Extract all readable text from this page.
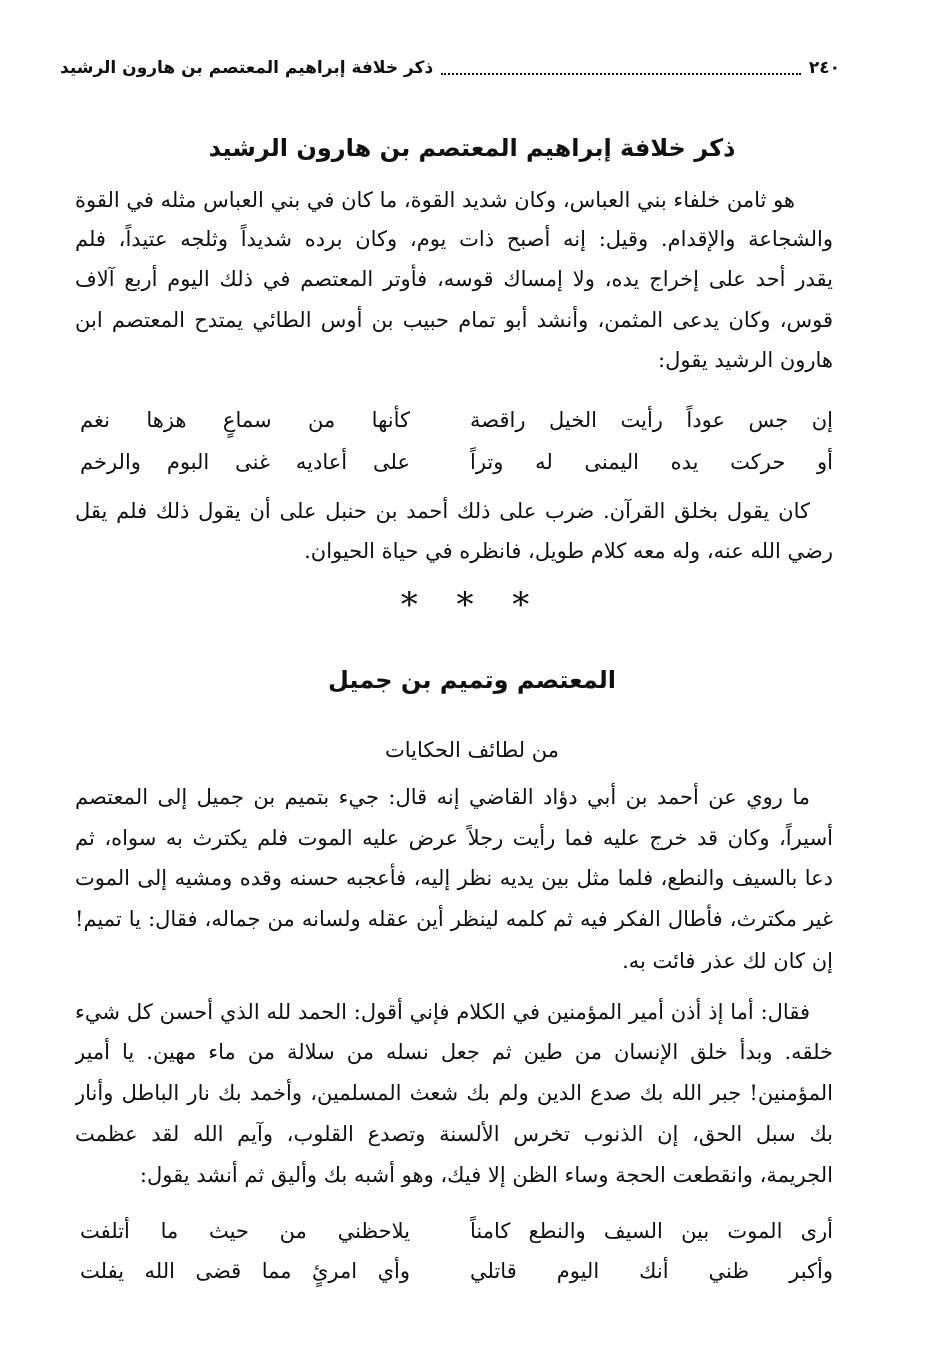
٢٤٠
ذكر خلافة إبراهيم المعتصم بن هارون الرشيد
ذكر خلافة إبراهيم المعتصم بن هارون الرشيد
هو ثامن خلفاء بني العباس، وكان شديد القوة، ما كان في بني العباس مثله في القوة
والشجاعة والإقدام. وقيل: إنه أصبح ذات يوم، وكان برده شديداً وثلجه عتيداً، فلم
يقدر أحد على إخراج يده، ولا إمساك قوسه، فأوتر المعتصم في ذلك اليوم أربع آلاف
قوس، وكان يدعى المثمن، وأنشد أبو تمام حبيب بن أوس الطائي يمتدح المعتصم ابن
هارون الرشيد يقول:
إن جس عوداً رأيت الخيل راقصة
كأنها من سماعٍ هزها نغم
أو حركت يده اليمنى له وتراً
على أعاديه غنى البوم والرخم
كان يقول بخلق القرآن. ضرب على ذلك أحمد بن حنبل على أن يقول ذلك فلم يقل
رضي الله عنه، وله معه كلام طويل، فانظره في حياة الحيوان.
* * *
المعتصم وتميم بن جميل
من لطائف الحكايات
ما روي عن أحمد بن أبي دؤاد القاضي إنه قال: جيء بتميم بن جميل إلى المعتصم
أسيراً، وكان قد خرج عليه فما رأيت رجلاً عرض عليه الموت فلم يكترث به سواه، ثم
دعا بالسيف والنطع، فلما مثل بين يديه نظر إليه، فأعجبه حسنه وقده ومشيه إلى الموت
غير مكترث، فأطال الفكر فيه ثم كلمه لينظر أين عقله ولسانه من جماله، فقال: يا تميم!
إن كان لك عذر فائت به.
فقال: أما إذ أذن أمير المؤمنين في الكلام فإني أقول: الحمد لله الذي أحسن كل شيء
خلقه. وبدأ خلق الإنسان من طين ثم جعل نسله من سلالة من ماء مهين. يا أمير
المؤمنين! جبر الله بك صدع الدين ولم بك شعث المسلمين، وأخمد بك نار الباطل وأنار
بك سبل الحق، إن الذنوب تخرس الألسنة وتصدع القلوب، وآيم الله لقد عظمت
الجريمة، وانقطعت الحجة وساء الظن إلا فيك، وهو أشبه بك وأليق ثم أنشد يقول:
أرى الموت بين السيف والنطع كامناً
يلاحظني من حيث ما أتلفت
وأكبر ظني أنك اليوم قاتلي
وأي امرئٍ مما قضى الله يفلت
